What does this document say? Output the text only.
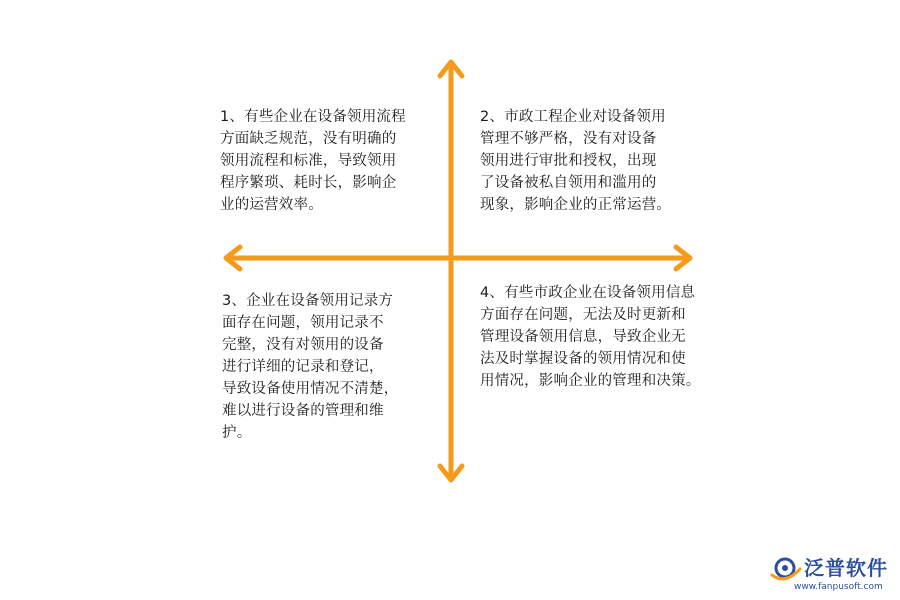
1、有些企业在设备领用流程
方面缺乏规范，没有明确的
领用流程和标准，导致领用
程序繁琐、耗时长，影响企
业的运营效率。
2、市政工程企业对设备领用
管理不够严格，没有对设备
领用进行审批和授权，出现
了设备被私自领用和滥用的
现象，影响企业的正常运营。
3、企业在设备领用记录方
面存在问题，领用记录不
完整，没有对领用的设备
进行详细的记录和登记，
导致设备使用情况不清楚，
难以进行设备的管理和维
护。
4、有些市政企业在设备领用信息
方面存在问题，无法及时更新和
管理设备领用信息，导致企业无
法及时掌握设备的领用情况和使
用情况，影响企业的管理和决策。
泛普软件
www.fanpusoft.com
